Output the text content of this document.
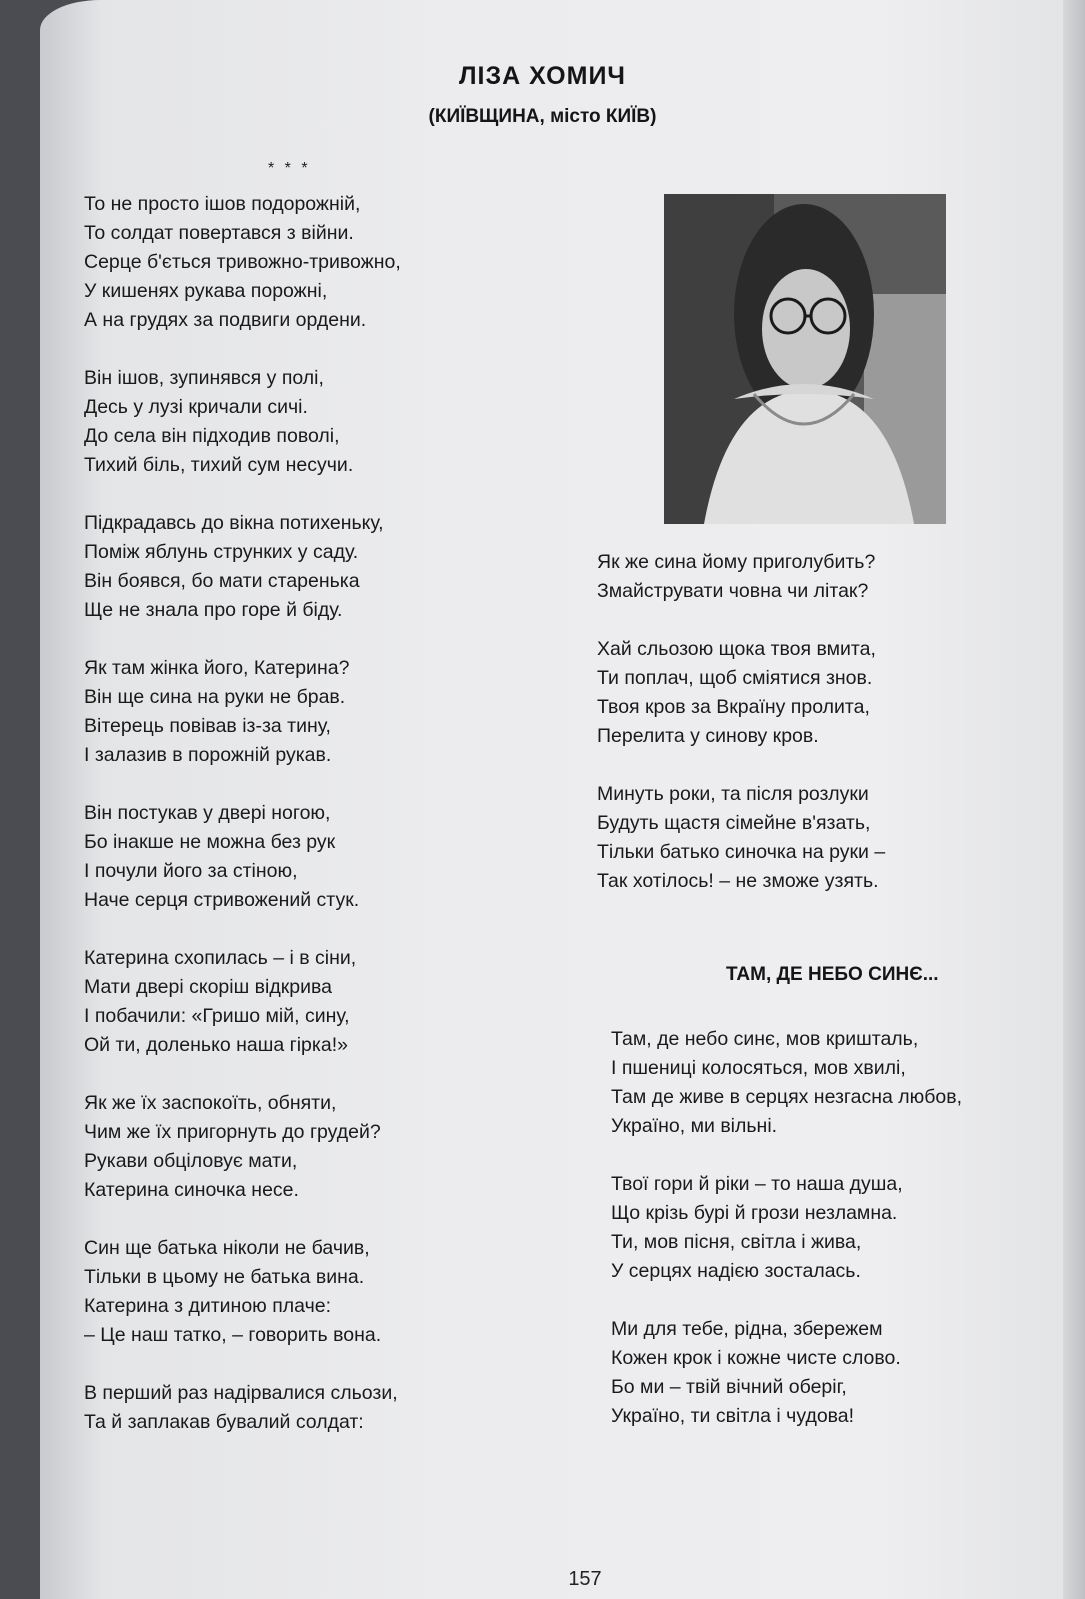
ЛІЗА ХОМИЧ
(КИЇВЩИНА, місто КИЇВ)
* * *
То не просто ішов подорожній,
То солдат повертався з війни.
Серце б'ється тривожно-тривожно,
У кишенях рукава порожні,
А на грудях за подвиги ордени.
Він ішов, зупинявся у полі,
Десь у лузі кричали сичі.
До села він підходив поволі,
Тихий біль, тихий сум несучи.
Підкрадавсь до вікна потихеньку,
Поміж яблунь струнких у саду.
Він боявся, бо мати старенька
Ще не знала про горе й біду.
Як там жінка його, Катерина?
Він ще сина на руки не брав.
Вітерець повівав із-за тину,
І залазив в порожній рукав.
Він постукав у двері ногою,
Бо інакше не можна без рук
І почули його за стіною,
Наче серця стривожений стук.
Катерина схопилась – і в сіни,
Мати двері скоріш відкрива
І побачили: «Гришо мій, сину,
Ой ти, доленько наша гірка!»
Як же їх заспокоїть, обняти,
Чим же їх пригорнуть до грудей?
Рукави обціловує мати,
Катерина синочка несе.
Син ще батька ніколи не бачив,
Тільки в цьому не батька вина.
Катерина з дитиною плаче:
– Це наш татко, – говорить вона.
В перший раз надірвалися сльози,
Та й заплакав бувалий солдат:
Як же сина йому приголубить?
Змайструвати човна чи літак?
Хай сльозою щока твоя вмита,
Ти поплач, щоб сміятися знов.
Твоя кров за Вкраїну пролита,
Перелита у синову кров.
Минуть роки, та після розлуки
Будуть щастя сімейне в'язать,
Тільки батько синочка на руки –
Так хотілось! – не зможе узять.
ТАМ, ДЕ НЕБО СИНЄ...
Там, де небо синє, мов кришталь,
І пшениці колосяться, мов хвилі,
Там де живе в серцях незгасна любов,
Україно, ми вільні.
Твої гори й ріки – то наша душа,
Що крізь бурі й грози незламна.
Ти, мов пісня, світла і жива,
У серцях надією зосталась.
Ми для тебе, рідна, збережем
Кожен крок і кожне чисте слово.
Бо ми – твій вічний оберіг,
Україно, ти світла і чудова!
157
